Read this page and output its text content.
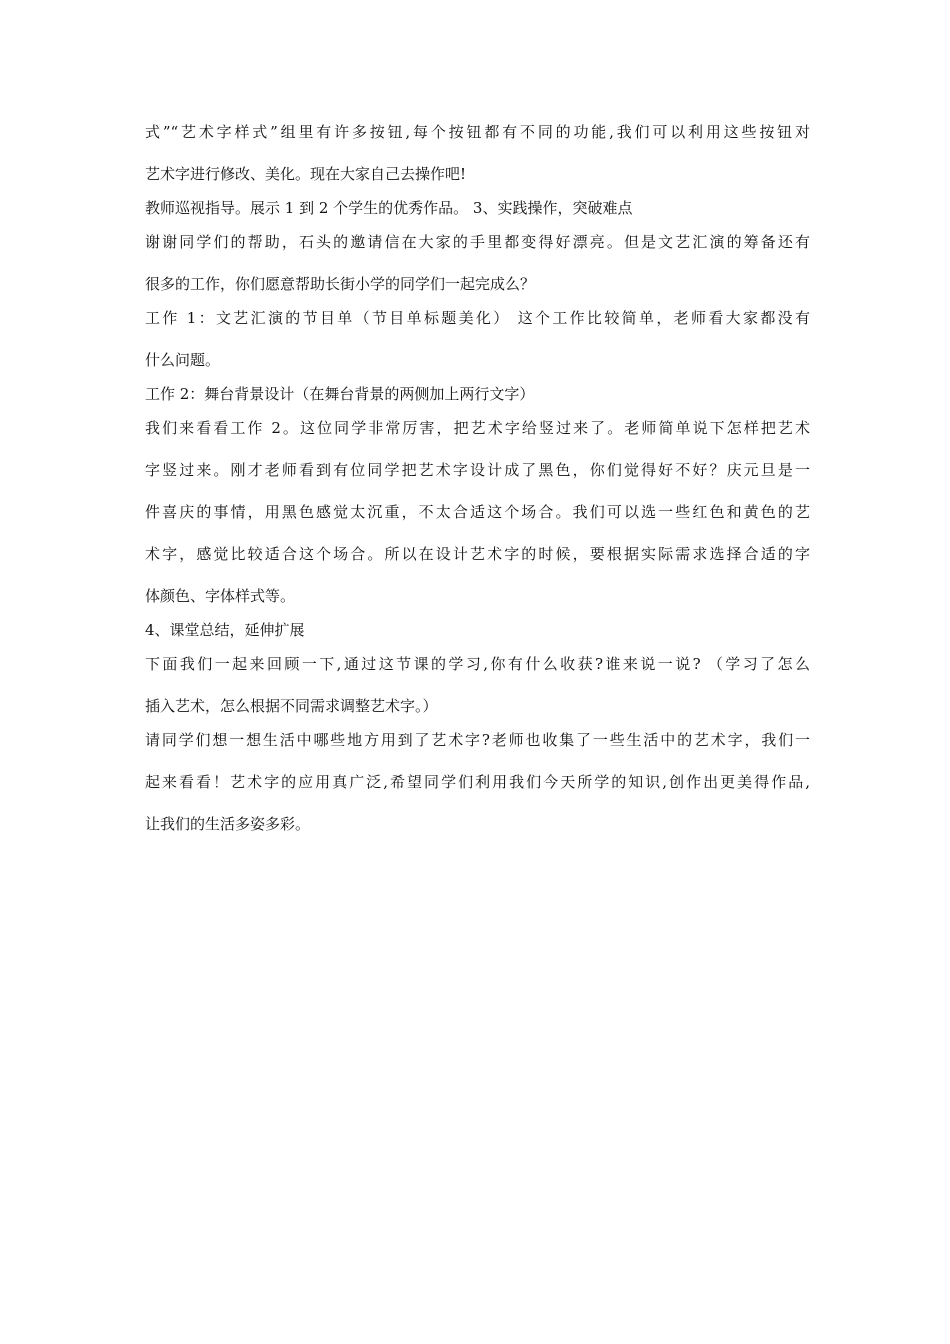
式”“艺术字样式”组里有许多按钮,每个按钮都有不同的功能,我们可以利用这些按钮对
艺术字进行修改、美化。现在大家自己去操作吧!

教师巡视指导。展示 1 到 2 个学生的优秀作品。 3、实践操作，突破难点

谢谢同学们的帮助，石头的邀请信在大家的手里都变得好漂亮。但是文艺汇演的筹备还有
很多的工作，你们愿意帮助长街小学的同学们一起完成么？

工作 1：文艺汇演的节目单（节目单标题美化） 这个工作比较简单，老师看大家都没有
什么问题。

工作 2：舞台背景设计（在舞台背景的两侧加上两行文字）

我们来看看工作 2。这位同学非常厉害，把艺术字给竖过来了。老师简单说下怎样把艺术
字竖过来。刚才老师看到有位同学把艺术字设计成了黑色，你们觉得好不好？庆元旦是一
件喜庆的事情，用黑色感觉太沉重，不太合适这个场合。我们可以选一些红色和黄色的艺
术字，感觉比较适合这个场合。所以在设计艺术字的时候，要根据实际需求选择合适的字
体颜色、字体样式等。

4、课堂总结，延伸扩展

下面我们一起来回顾一下,通过这节课的学习,你有什么收获?谁来说一说? （学习了怎么
插入艺术，怎么根据不同需求调整艺术字。）

请同学们想一想生活中哪些地方用到了艺术字?老师也收集了一些生活中的艺术字，我们一
起来看看！艺术字的应用真广泛,希望同学们利用我们今天所学的知识,创作出更美得作品,
让我们的生活多姿多彩。
